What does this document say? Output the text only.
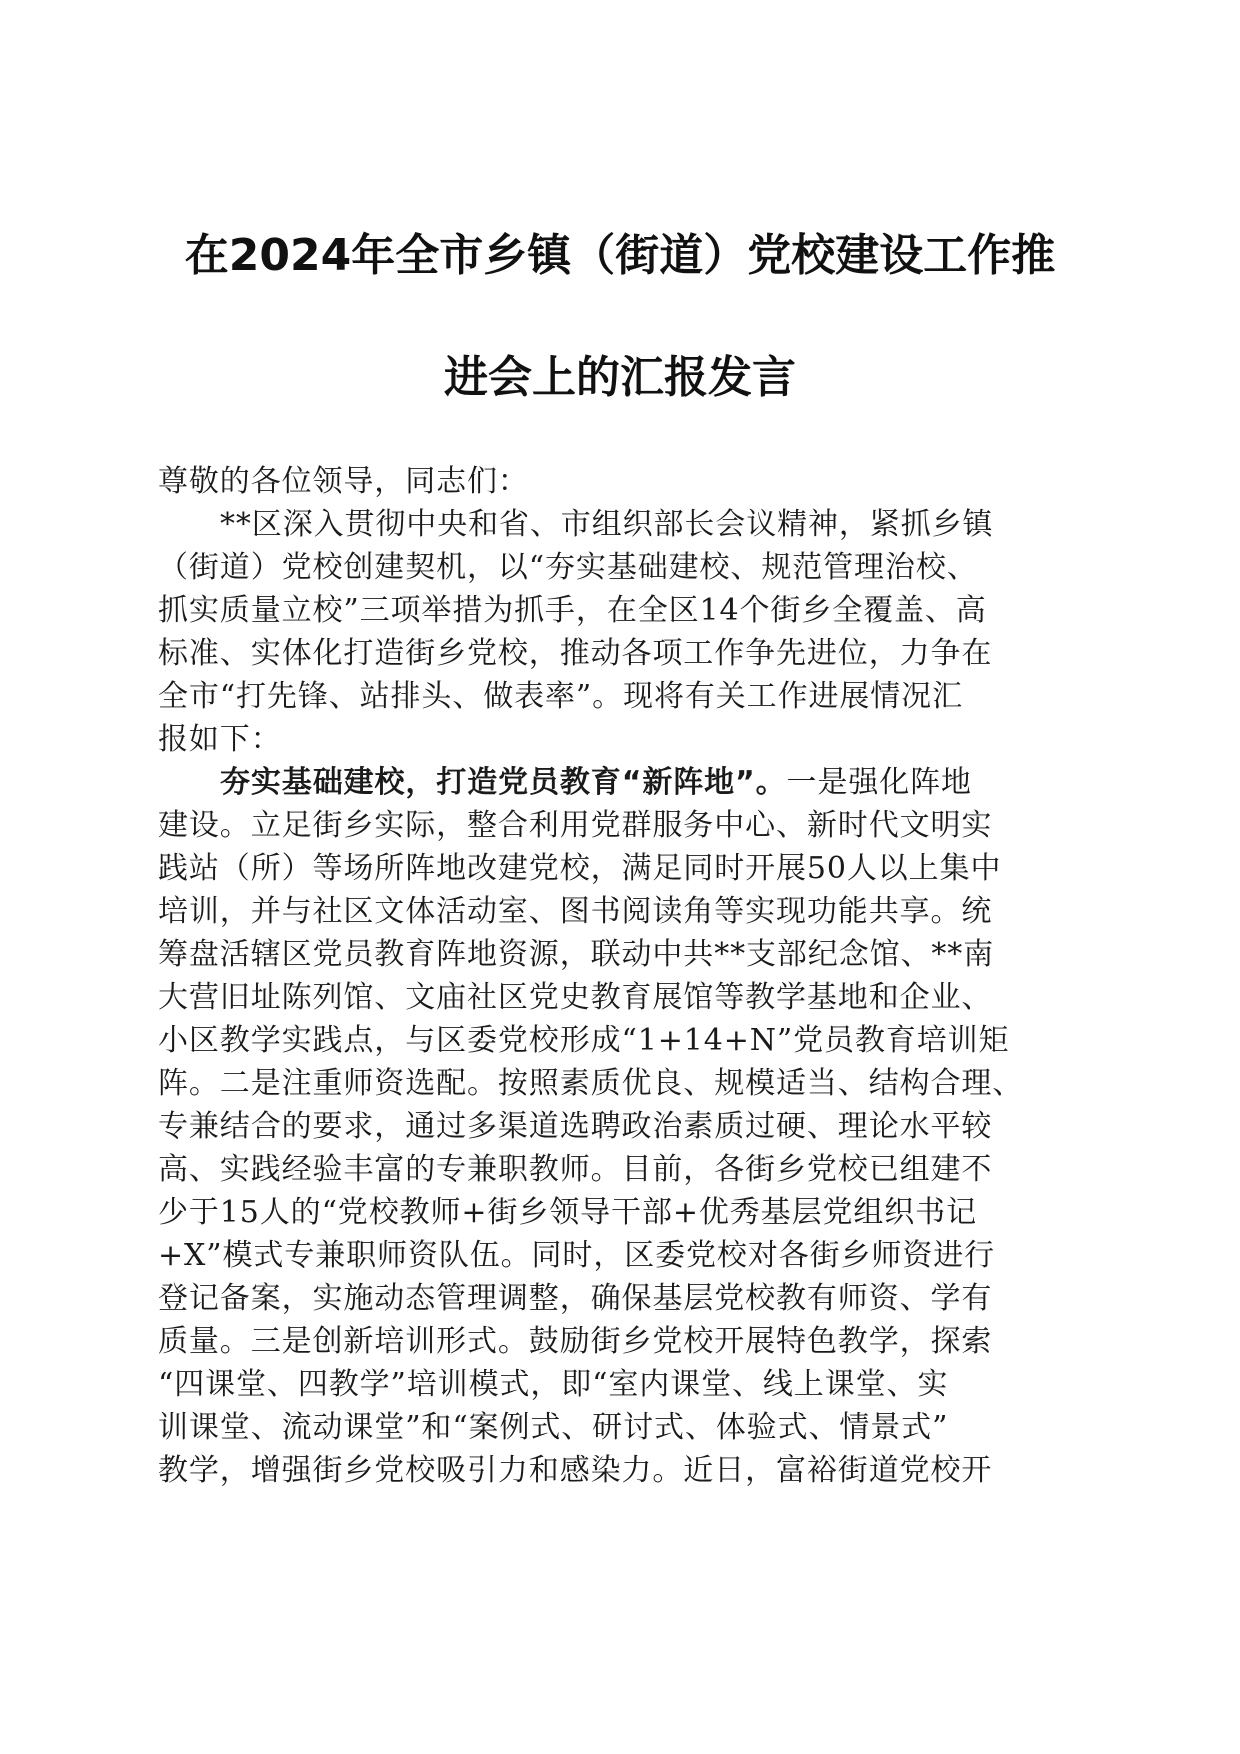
在2024年全市乡镇（街道）党校建设工作推
进会上的汇报发言
尊敬的各位领导，同志们：
**区深入贯彻中央和省、市组织部长会议精神，紧抓乡镇
（街道）党校创建契机，以“夯实基础建校、规范管理治校、
抓实质量立校”三项举措为抓手，在全区14个街乡全覆盖、高
标准、实体化打造街乡党校，推动各项工作争先进位，力争在
全市“打先锋、站排头、做表率”。现将有关工作进展情况汇
报如下：
夯实基础建校，打造党员教育“新阵地”。一是强化阵地
建设。立足街乡实际，整合利用党群服务中心、新时代文明实
践站（所）等场所阵地改建党校，满足同时开展50人以上集中
培训，并与社区文体活动室、图书阅读角等实现功能共享。统
筹盘活辖区党员教育阵地资源，联动中共**支部纪念馆、**南
大营旧址陈列馆、文庙社区党史教育展馆等教学基地和企业、
小区教学实践点，与区委党校形成“1+14+N”党员教育培训矩
阵。二是注重师资选配。按照素质优良、规模适当、结构合理、
专兼结合的要求，通过多渠道选聘政治素质过硬、理论水平较
高、实践经验丰富的专兼职教师。目前，各街乡党校已组建不
少于15人的“党校教师+街乡领导干部+优秀基层党组织书记
+X”模式专兼职师资队伍。同时，区委党校对各街乡师资进行
登记备案，实施动态管理调整，确保基层党校教有师资、学有
质量。三是创新培训形式。鼓励街乡党校开展特色教学，探索
“四课堂、四教学”培训模式，即“室内课堂、线上课堂、实
训课堂、流动课堂”和“案例式、研讨式、体验式、情景式”
教学，增强街乡党校吸引力和感染力。近日，富裕街道党校开
